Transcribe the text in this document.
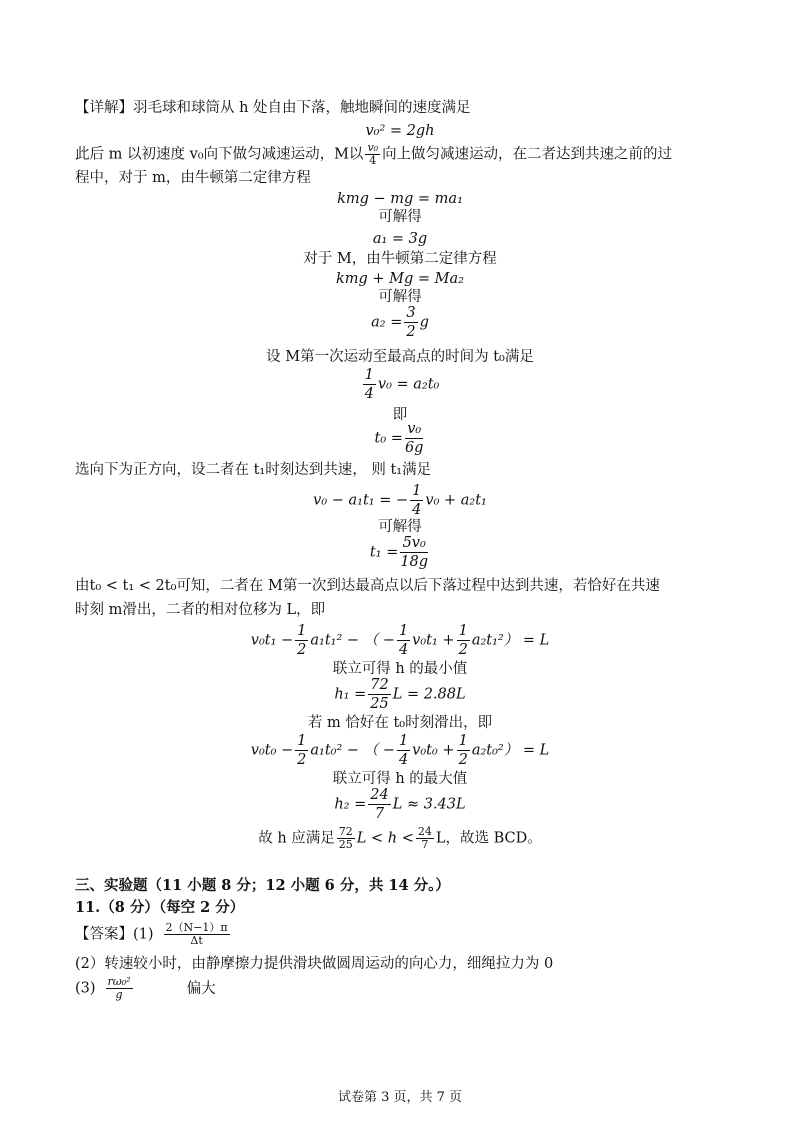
【详解】羽毛球和球筒从 h 处自由下落，触地瞬间的速度满足
v₀² = 2gh
此后 m 以初速度 v₀向下做匀减速运动，M以 $\frac{\text{v₀}}{4}$ 向上做匀减速运动，在二者达到共速之前的过
程中，对于 m，由牛顿第二定律方程
kmg − mg = ma₁
可解得
a₁ = 3g
对于 M，由牛顿第二定律方程
kmg + Mg = Ma₂
可解得
$a_2 = \frac{3}{2}$ g
设 M第一次运动至最高点的时间为 t₀满足
$\frac{1}{4} v_0 = a_2t_0$
即
$t_0 = \frac{\text{v₀}}{6g}$
选向下为正方向，设二者在 t₁时刻达到共速， 则 t₁满足
v₀ − a₁t₁ = − $\frac{1}{4} v_0 + a_2t_1$
可解得
$t_1 = \frac{\text{5v₀}}{18g}$
由t₀ < t₁ < 2t₀可知，二者在 M第一次到达最高点以后下落过程中达到共速，若恰好在共速
时刻 m滑出，二者的相对位移为 L，即
$v_0t_1 - \frac{1}{2} a_1t_1^2$ − （ − $\frac{1}{4} v_0t_1 + \frac{1}{2} a_2t_1^2) = L$
联立可得 h 的最小值
$h_1 = \frac{72}{25}$ L = 2.88L
若 m 恰好在 t₀时刻滑出，即
$v_0t_0 - \frac{1}{2} a_1t_0^2$ − （ − $\frac{1}{4} v_0t_0 + \frac{1}{2} a_2t_0^2) = L$
联立可得 h 的最大值
$h_2 = \frac{24}{7}$ L ≈ 3.43L
故 h 应满足 $\frac{72}{25}$ $L < h < \frac{24}{7}$ L，故选 BCD。
三、实验题（11 小题 8 分；12 小题 6 分，共 14 分。）
11.（8 分）（每空 2 分）
【答案】$(1) \frac{2(N-1)\pi}{\Delta t}$
(2）转速较小时，由静摩擦力提供滑块做圆周运动的向心力，细绳拉力为 0
$(3) \frac{\text{rω₀²}}{g}$	偏大
试卷第 3 页，共 7 页
